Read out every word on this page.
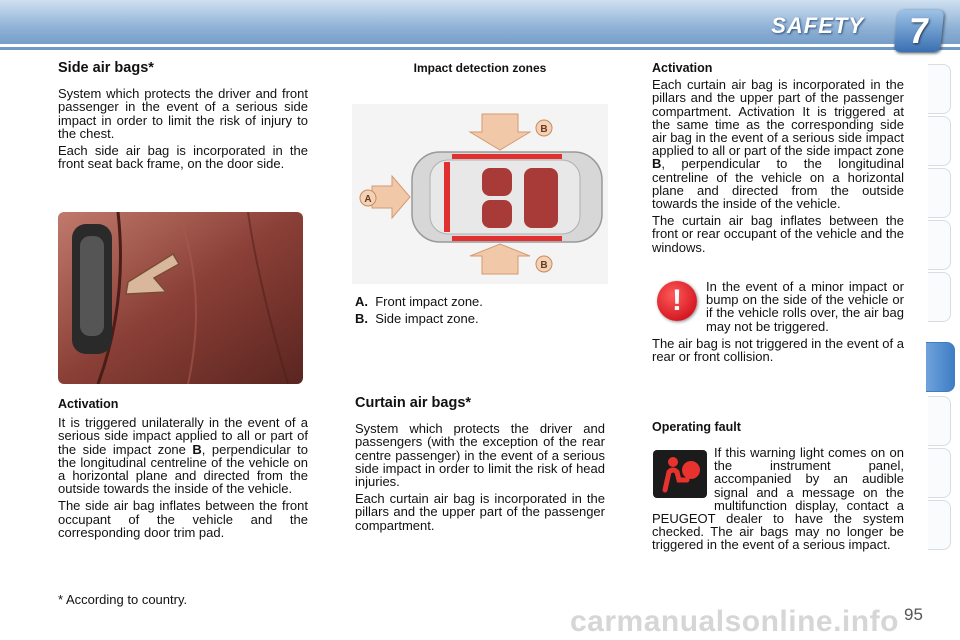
SAFETY	7
Side air bags*

System which protects the driver and front passenger in the event of a serious side impact in order to limit the risk of injury to the chest.

Each side air bag is incorporated in the front seat back frame, on the door side.

Activation

It is triggered unilaterally in the event of a serious side impact applied to all or part of the side impact zone B, perpendicular to the longitudinal centreline of the vehicle on a horizontal plane and directed from the outside towards the inside of the vehicle.

The side air bag inflates between the front occupant of the vehicle and the corresponding door trim pad.

Impact detection zones
A
B
B

A. Front impact zone.

B. Side impact zone.

Curtain air bags*

System which protects the driver and passengers (with the exception of the rear centre passenger) in the event of a serious side impact in order to limit the risk of head injuries.

Each curtain air bag is incorporated in the pillars and the upper part of the passenger compartment.

Activation

Each curtain air bag is incorporated in the pillars and the upper part of the passenger compartment. Activation It is triggered at the same time as the corresponding side air bag in the event of a serious side impact applied to all or part of the side impact zone B, perpendicular to the longitudinal centreline of the vehicle on a horizontal plane and directed from the outside towards the inside of the vehicle.

The curtain air bag inflates between the front or rear occupant of the vehicle and the windows.

!	In the event of a minor impact or bump on the side of the vehicle or if the vehicle rolls over, the air bag may not be triggered.

The air bag is not triggered in the event of a rear or front collision.

Operating fault

If this warning light comes on on the instrument panel, accompanied by an audible signal and a message on the multifunction display, contact a PEUGEOT dealer to have the system checked. The air bags may no longer be triggered in the event of a serious impact.

* According to country.
carmanualsonline.info 95
